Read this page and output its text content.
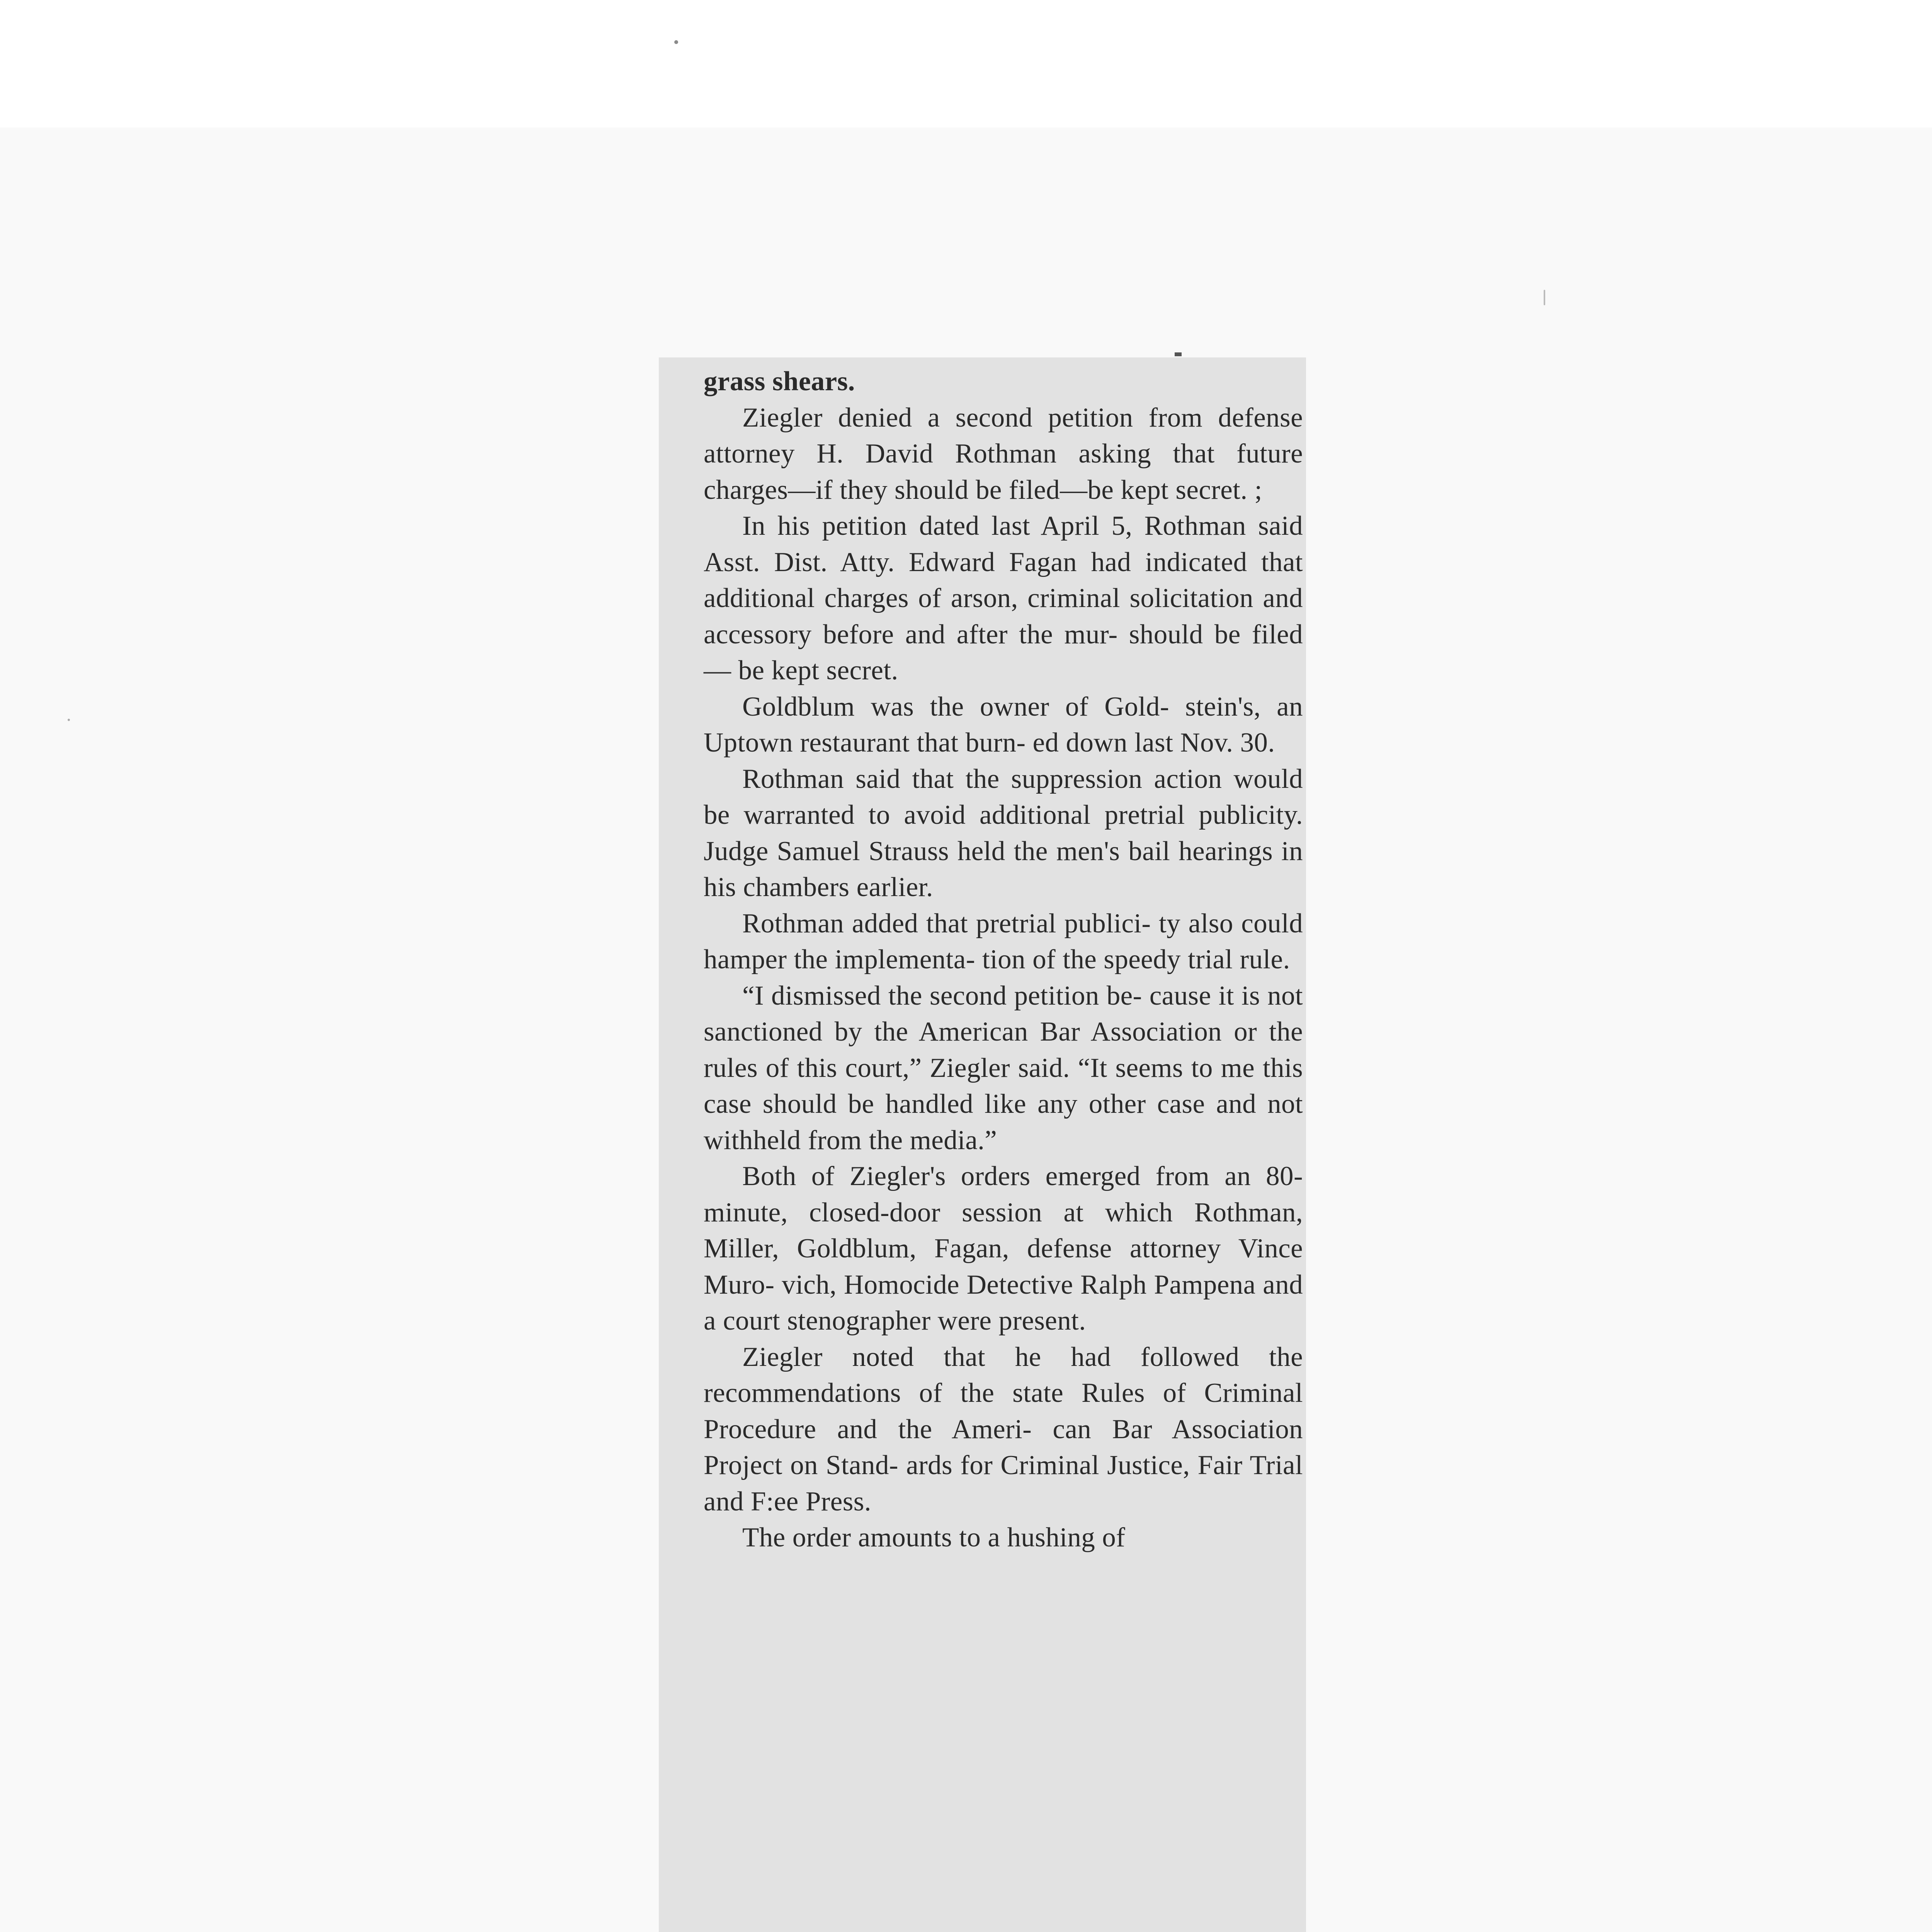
grass shears.

Ziegler denied a second petition from defense attorney H. David Rothman asking that future charges—if they should be filed—be kept secret. ;

In his petition dated last April 5, Rothman said Asst. Dist. Atty. Edward Fagan had indicated that additional charges of arson, criminal solicitation and accessory before and after the mur- should be filed — be kept secret.

Goldblum was the owner of Gold- stein's, an Uptown restaurant that burn- ed down last Nov. 30.

Rothman said that the suppression action would be warranted to avoid additional pretrial publicity. Judge Samuel Strauss held the men's bail hearings in his chambers earlier.

Rothman added that pretrial publici- ty also could hamper the implementa- tion of the speedy trial rule.

“I dismissed the second petition be- cause it is not sanctioned by the American Bar Association or the rules of this court,” Ziegler said. “It seems to me this case should be handled like any other case and not withheld from the media.”

Both of Ziegler's orders emerged from an 80-minute, closed-door session at which Rothman, Miller, Goldblum, Fagan, defense attorney Vince Muro- vich, Homocide Detective Ralph Pampena and a court stenographer were present.

Ziegler noted that he had followed the recommendations of the state Rules of Criminal Procedure and the Ameri- can Bar Association Project on Stand- ards for Criminal Justice, Fair Trial and F:ee Press.

The order amounts to a hushing of
